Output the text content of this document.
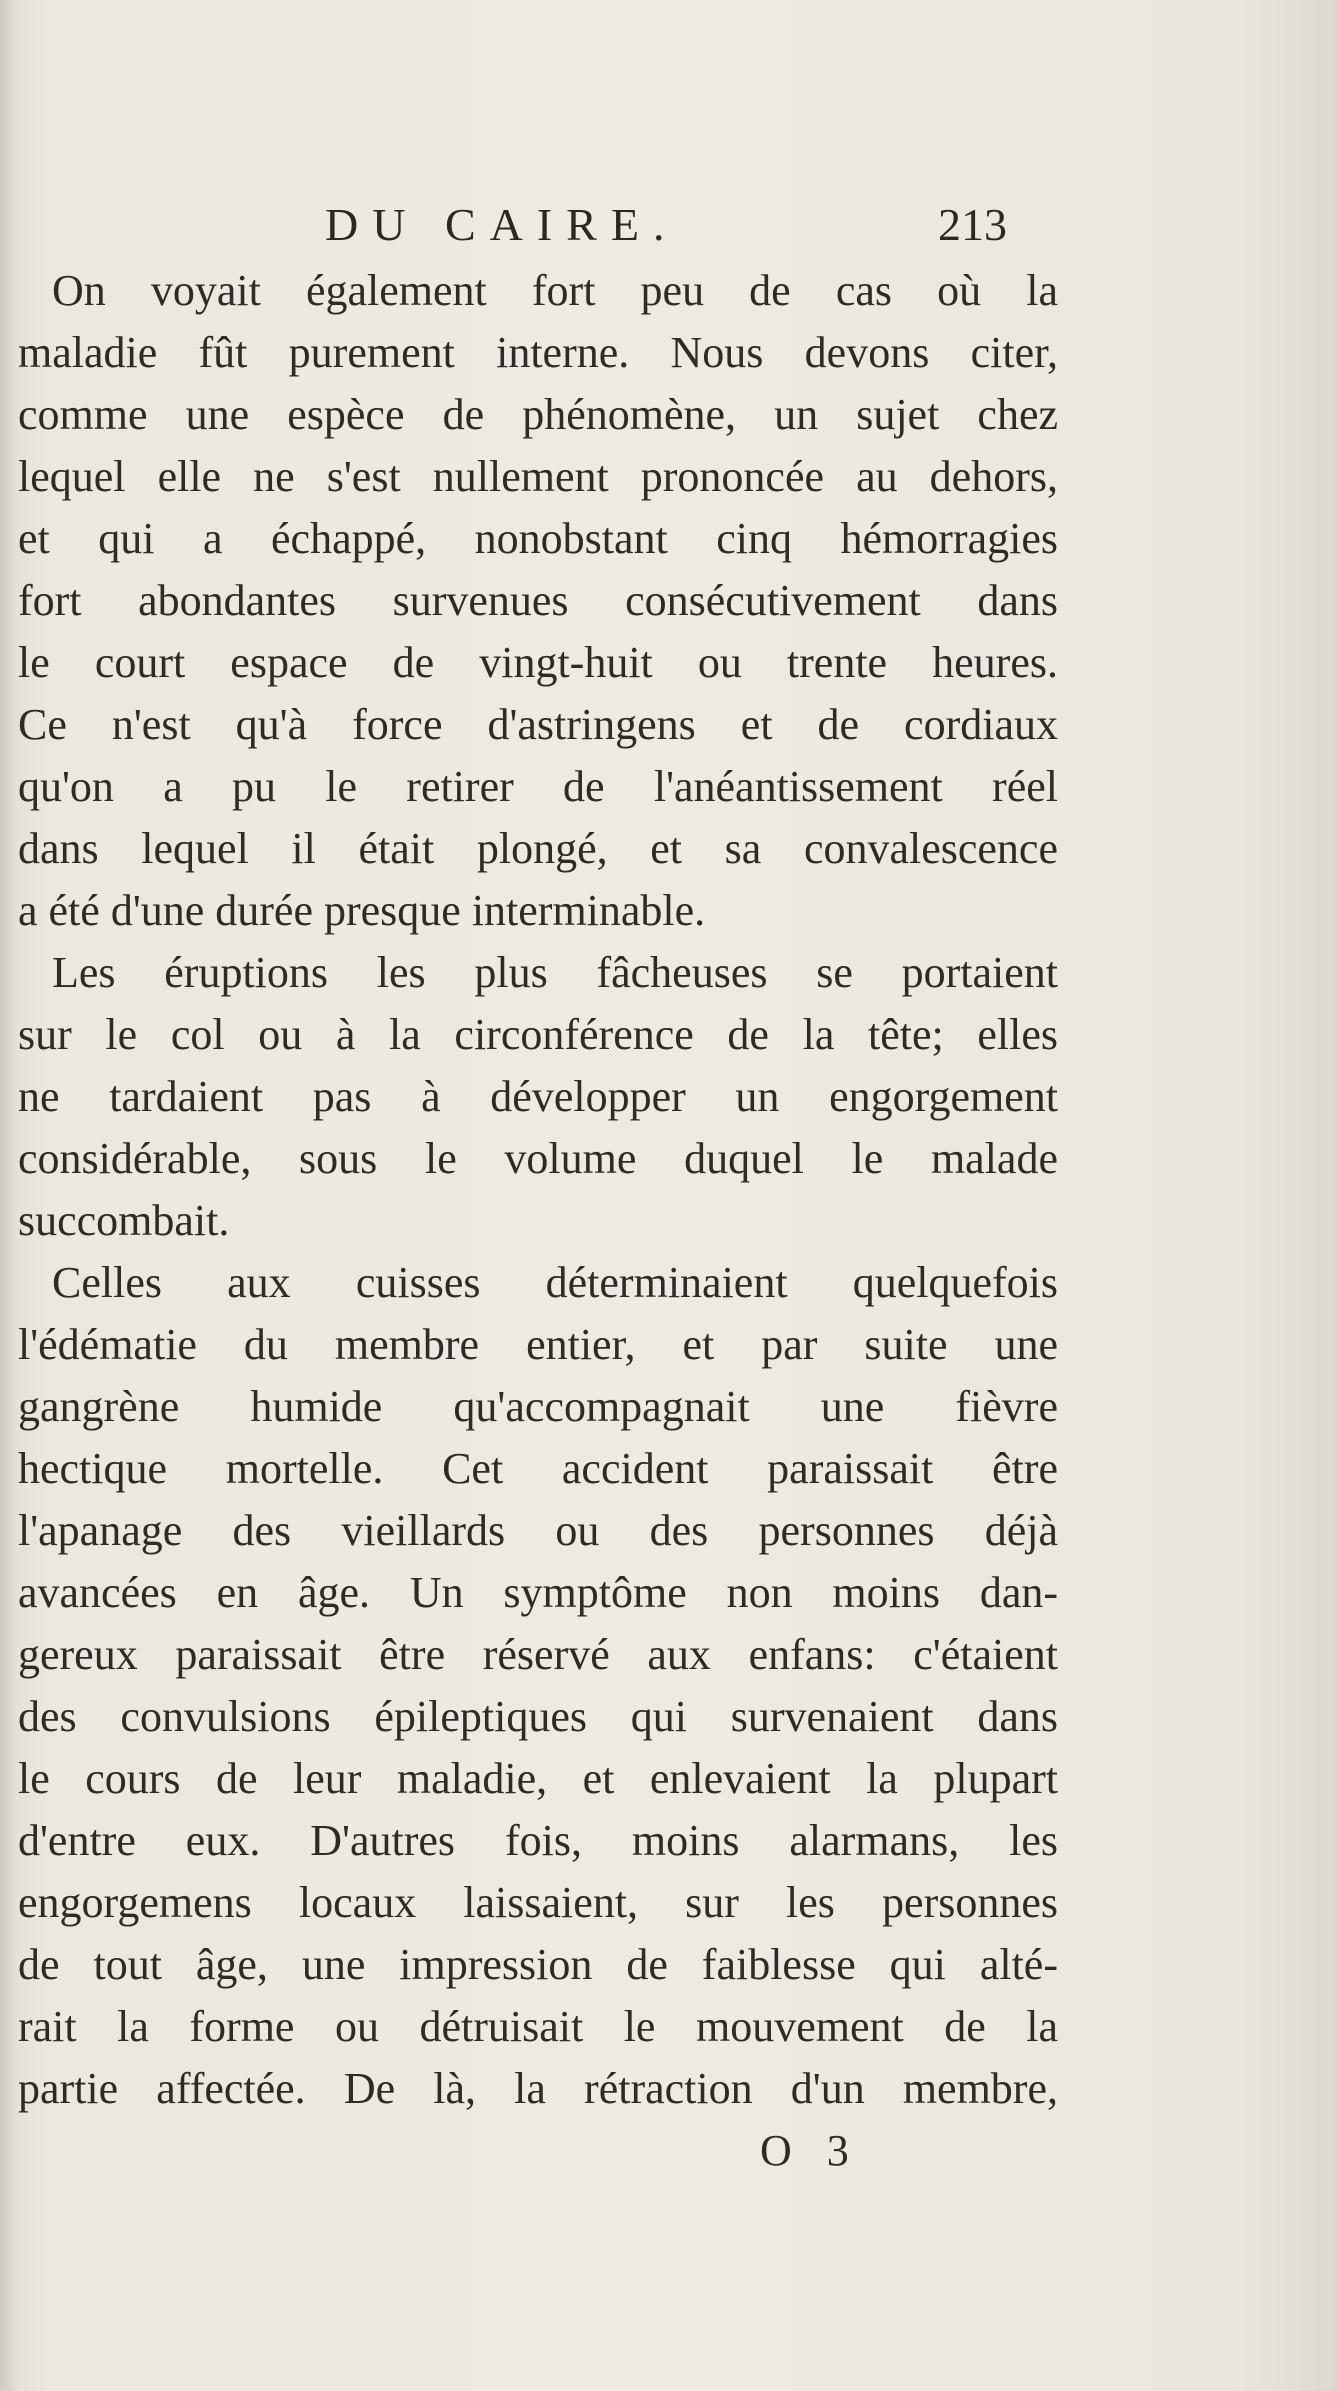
DU CAIRE.	213
On voyait également fort peu de cas où la
maladie fût purement interne. Nous devons citer,
comme une espèce de phénomène, un sujet chez
lequel elle ne s'est nullement prononcée au dehors,
et qui a échappé, nonobstant cinq hémorragies
fort abondantes survenues consécutivement dans
le court espace de vingt-huit ou trente heures.
Ce n'est qu'à force d'astringens et de cordiaux
qu'on a pu le retirer de l'anéantissement réel
dans lequel il était plongé, et sa convalescence
a été d'une durée presque interminable.
Les éruptions les plus fâcheuses se portaient
sur le col ou à la circonférence de la tête; elles
ne tardaient pas à développer un engorgement
considérable, sous le volume duquel le malade
succombait.
Celles aux cuisses déterminaient quelquefois
l'édématie du membre entier, et par suite une
gangrène humide qu'accompagnait une fièvre
hectique mortelle. Cet accident paraissait être
l'apanage des vieillards ou des personnes déjà
avancées en âge. Un symptôme non moins dan-
gereux paraissait être réservé aux enfans: c'étaient
des convulsions épileptiques qui survenaient dans
le cours de leur maladie, et enlevaient la plupart
d'entre eux. D'autres fois, moins alarmans, les
engorgemens locaux laissaient, sur les personnes
de tout âge, une impression de faiblesse qui alté-
rait la forme ou détruisait le mouvement de la
partie affectée. De là, la rétraction d'un membre,
O 3
